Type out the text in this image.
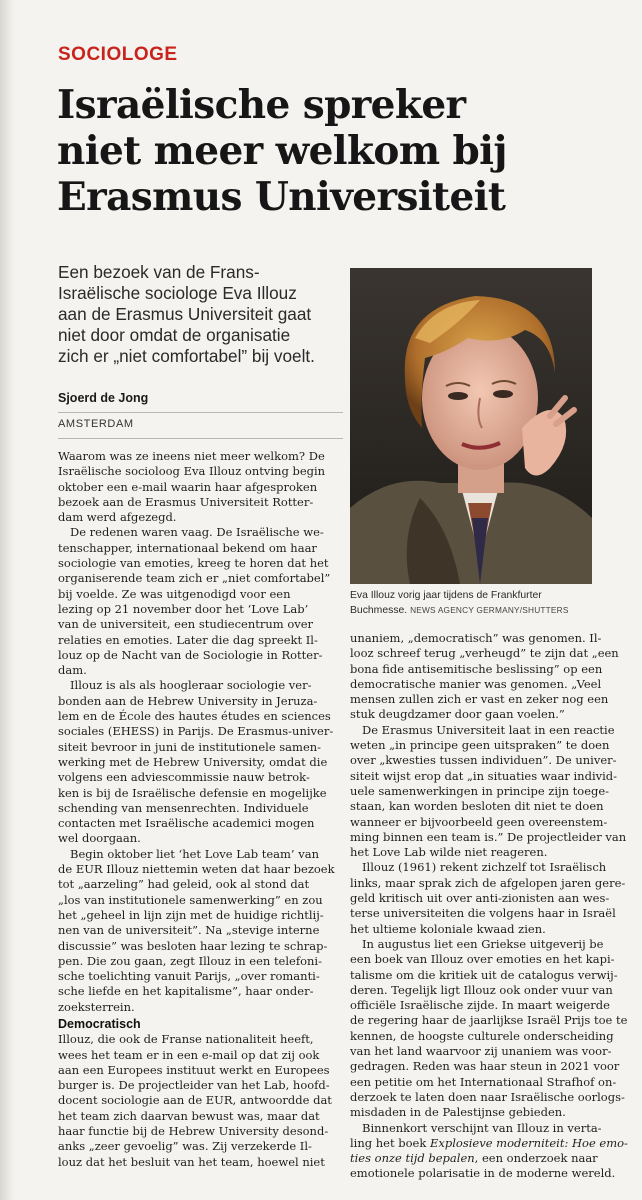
SOCIOLOGE
Israëlische spreker
niet meer welkom bij
Erasmus Universiteit
Een bezoek van de Frans-
Israëlische sociologe Eva Illouz
aan de Erasmus Universiteit gaat
niet door omdat de organisatie
zich er „niet comfortabel” bij voelt.
Sjoerd de Jong
AMSTERDAM
Eva Illouz vorig jaar tijdens de Frankfurter
Buchmesse. NEWS AGENCY GERMANY/SHUTTERS
Waarom was ze ineens niet meer welkom? De
Israëlische socioloog Eva Illouz ontving begin
oktober een e-mail waarin haar afgesproken
bezoek aan de Erasmus Universiteit Rotter-
dam werd afgezegd.
De redenen waren vaag. De Israëlische we-
tenschapper, internationaal bekend om haar
sociologie van emoties, kreeg te horen dat het
organiserende team zich er „niet comfortabel”
bij voelde. Ze was uitgenodigd voor een
lezing op 21 november door het ‘Love Lab’
van de universiteit, een studiecentrum over
relaties en emoties. Later die dag spreekt Il-
louz op de Nacht van de Sociologie in Rotter-
dam.
Illouz is als als hoogleraar sociologie ver-
bonden aan de Hebrew University in Jeruza-
lem en de École des hautes études en sciences
sociales (EHESS) in Parijs. De Erasmus-univer-
siteit bevroor in juni de institutionele samen-
werking met de Hebrew University, omdat die
volgens een adviescommissie nauw betrok-
ken is bij de Israëlische defensie en mogelijke
schending van mensenrechten. Individuele
contacten met Israëlische academici mogen
wel doorgaan.
Begin oktober liet ‘het Love Lab team’ van
de EUR Illouz niettemin weten dat haar bezoek
tot „aarzeling” had geleid, ook al stond dat
„los van institutionele samenwerking” en zou
het „geheel in lijn zijn met de huidige richtlij-
nen van de universiteit”. Na „stevige interne
discussie” was besloten haar lezing te schrap-
pen. Die zou gaan, zegt Illouz in een telefoni-
sche toelichting vanuit Parijs, „over romanti-
sche liefde en het kapitalisme”, haar onder-
zoeksterrein.
Democratisch
Illouz, die ook de Franse nationaliteit heeft,
wees het team er in een e-mail op dat zij ook
aan een Europees instituut werkt en Europees
burger is. De projectleider van het Lab, hoofd-
docent sociologie aan de EUR, antwoordde dat
het team zich daarvan bewust was, maar dat
haar functie bij de Hebrew University desond-
anks „zeer gevoelig” was. Zij verzekerde Il-
louz dat het besluit van het team, hoewel niet
unaniem, „democratisch” was genomen. Il-
looz schreef terug „verheugd” te zijn dat „een
bona fide antisemitische beslissing” op een
democratische manier was genomen. „Veel
mensen zullen zich er vast en zeker nog een
stuk deugdzamer door gaan voelen.”
De Erasmus Universiteit laat in een reactie
weten „in principe geen uitspraken” te doen
over „kwesties tussen individuen”. De univer-
siteit wijst erop dat „in situaties waar individ-
uele samenwerkingen in principe zijn toege-
staan, kan worden besloten dit niet te doen
wanneer er bijvoorbeeld geen overeenstem-
ming binnen een team is.” De projectleider van
het Love Lab wilde niet reageren.
Illouz (1961) rekent zichzelf tot Israëlisch
links, maar sprak zich de afgelopen jaren gere-
geld kritisch uit over anti-zionisten aan wes-
terse universiteiten die volgens haar in Israël
het ultieme koloniale kwaad zien.
In augustus liet een Griekse uitgeverij be
een boek van Illouz over emoties en het kapi-
talisme om die kritiek uit de catalogus verwij-
deren. Tegelijk ligt Illouz ook onder vuur van
officiële Israëlische zijde. In maart weigerde
de regering haar de jaarlijkse Israël Prijs toe te
kennen, de hoogste culturele onderscheiding
van het land waarvoor zij unaniem was voor-
gedragen. Reden was haar steun in 2021 voor
een petitie om het Internationaal Strafhof on-
derzoek te laten doen naar Israëlische oorlogs-
misdaden in de Palestijnse gebieden.
Binnenkort verschijnt van Illouz in verta-
ling het boek Explosieve moderniteit: Hoe emo-
ties onze tijd bepalen, een onderzoek naar
emotionele polarisatie in de moderne wereld.
